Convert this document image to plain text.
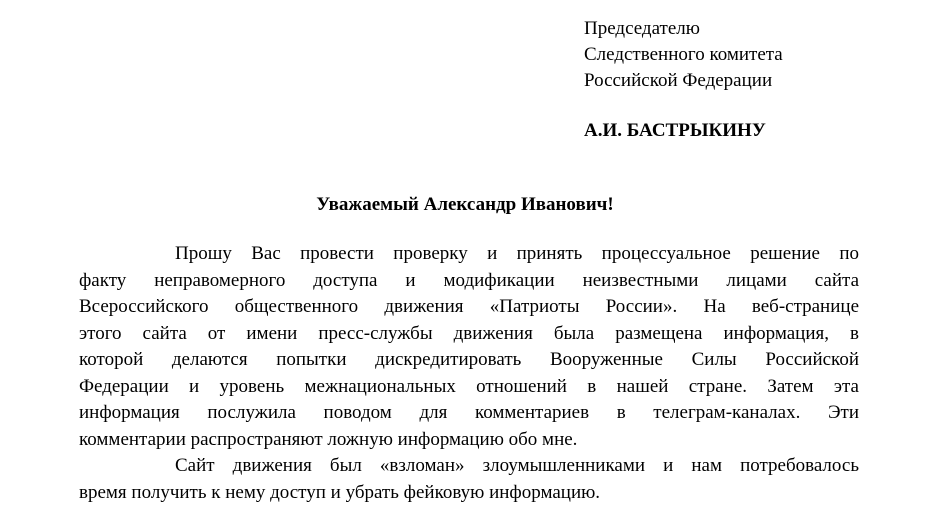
Председателю
Следственного комитета
Российской Федерации
А.И. БАСТРЫКИНУ
Уважаемый Александр Иванович!
Прошу Вас провести проверку и принять процессуальное решение по
факту неправомерного доступа и модификации неизвестными лицами сайта
Всероссийского общественного движения «Патриоты России». На веб-странице
этого сайта от имени пресс-службы движения была размещена информация, в
которой делаются попытки дискредитировать Вооруженные Силы Российской
Федерации и уровень межнациональных отношений в нашей стране. Затем эта
информация послужила поводом для комментариев в телеграм-каналах. Эти
комментарии распространяют ложную информацию обо мне.
Сайт движения был «взломан» злоумышленниками и нам потребовалось
время получить к нему доступ и убрать фейковую информацию.
